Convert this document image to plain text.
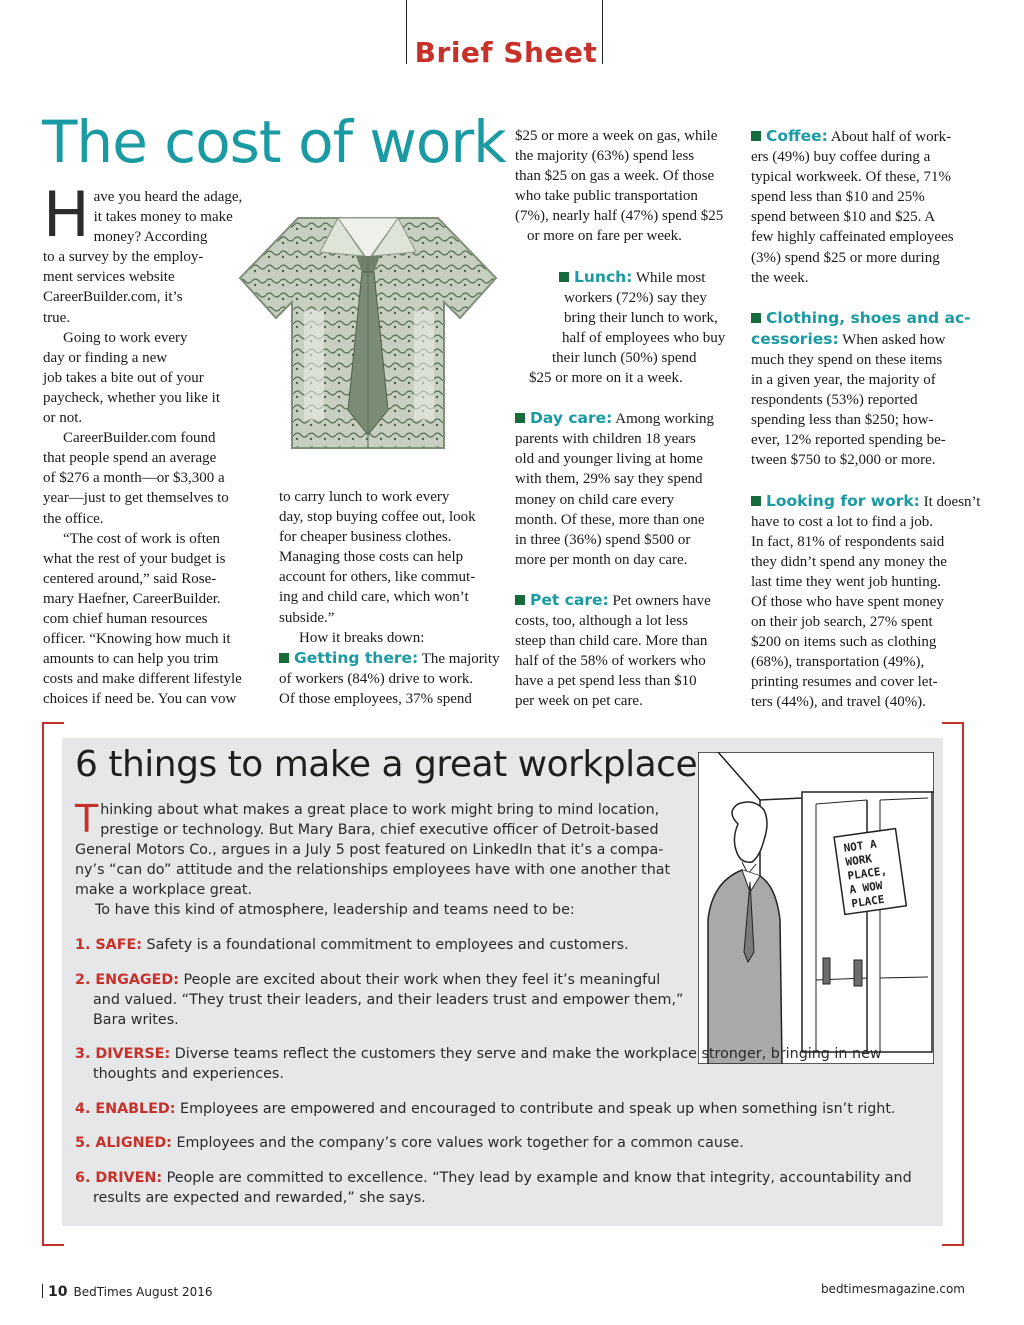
Brief Sheet
The cost of work
H ave you heard the adage,

it takes money to make

money? According

to a survey by the employ-

ment services website

CareerBuilder.com, it’s

true.

Going to work every

day or finding a new

job takes a bite out of your

paycheck, whether you like it

or not.

CareerBuilder.com found

that people spend an average

of $276 a month—or $3,300 a

year—just to get themselves to

the office.

“The cost of work is often

what the rest of your budget is

centered around,” said Rose-

mary Haefner, CareerBuilder.

com chief human resources

officer. “Knowing how much it

amounts to can help you trim

costs and make different lifestyle

choices if need be. You can vow

to carry lunch to work every

day, stop buying coffee out, look

for cheaper business clothes.

Managing those costs can help

account for others, like commut-

ing and child care, which won’t

subside.”

How it breaks down:

Getting there: The majority

of workers (84%) drive to work.

Of those employees, 37% spend

$25 or more a week on gas, while

the majority (63%) spend less

than $25 on gas a week. Of those

who take public transportation

(7%), nearly half (47%) spend $25

or more on fare per week.

Lunch: While most

workers (72%) say they

bring their lunch to work,

half of employees who buy

their lunch (50%) spend

$25 or more on it a week.

Day care: Among working

parents with children 18 years

old and younger living at home

with them, 29% say they spend

money on child care every

month. Of these, more than one

in three (36%) spend $500 or

more per month on day care.

Pet care: Pet owners have

costs, too, although a lot less

steep than child care. More than

half of the 58% of workers who

have a pet spend less than $10

per week on pet care.

Coffee: About half of work-

ers (49%) buy coffee during a

typical workweek. Of these, 71%

spend less than $10 and 25%

spend between $10 and $25. A

few highly caffeinated employees

(3%) spend $25 or more during

the week.

Clothing, shoes and ac-

cessories: When asked how

much they spend on these items

in a given year, the majority of

respondents (53%) reported

spending less than $250; how-

ever, 12% reported spending be-

tween $750 to $2,000 or more.

Looking for work: It doesn’t

have to cost a lot to find a job.

In fact, 81% of respondents said

they didn’t spend any money the

last time they went job hunting.

Of those who have spent money

on their job search, 27% spent

$200 on items such as clothing

(68%), transportation (49%),

printing resumes and cover let-

ters (44%), and travel (40%).

6 things to make a great workplace
NOT A
WORK
PLACE,
A WOW
PLACE
T hinking about what makes a great place to work might bring to mind location,

prestige or technology. But Mary Bara, chief executive officer of Detroit-based

General Motors Co., argues in a July 5 post featured on LinkedIn that it’s a compa-

ny’s “can do” attitude and the relationships employees have with one another that

make a workplace great.

To have this kind of atmosphere, leadership and teams need to be:

1. SAFE: Safety is a foundational commitment to employees and customers.

2. ENGAGED: People are excited about their work when they feel it’s meaningful

and valued. “They trust their leaders, and their leaders trust and empower them,”

Bara writes.

3. DIVERSE: Diverse teams reflect the customers they serve and make the workplace stronger, bringing in new

thoughts and experiences.

4. ENABLED: Employees are empowered and encouraged to contribute and speak up when something isn’t right.

5. ALIGNED: Employees and the company’s core values work together for a common cause.

6. DRIVEN: People are committed to excellence. “They lead by example and know that integrity, accountability and

results are expected and rewarded,” she says.

10 BedTimes August 2016	bedtimesmagazine.com
